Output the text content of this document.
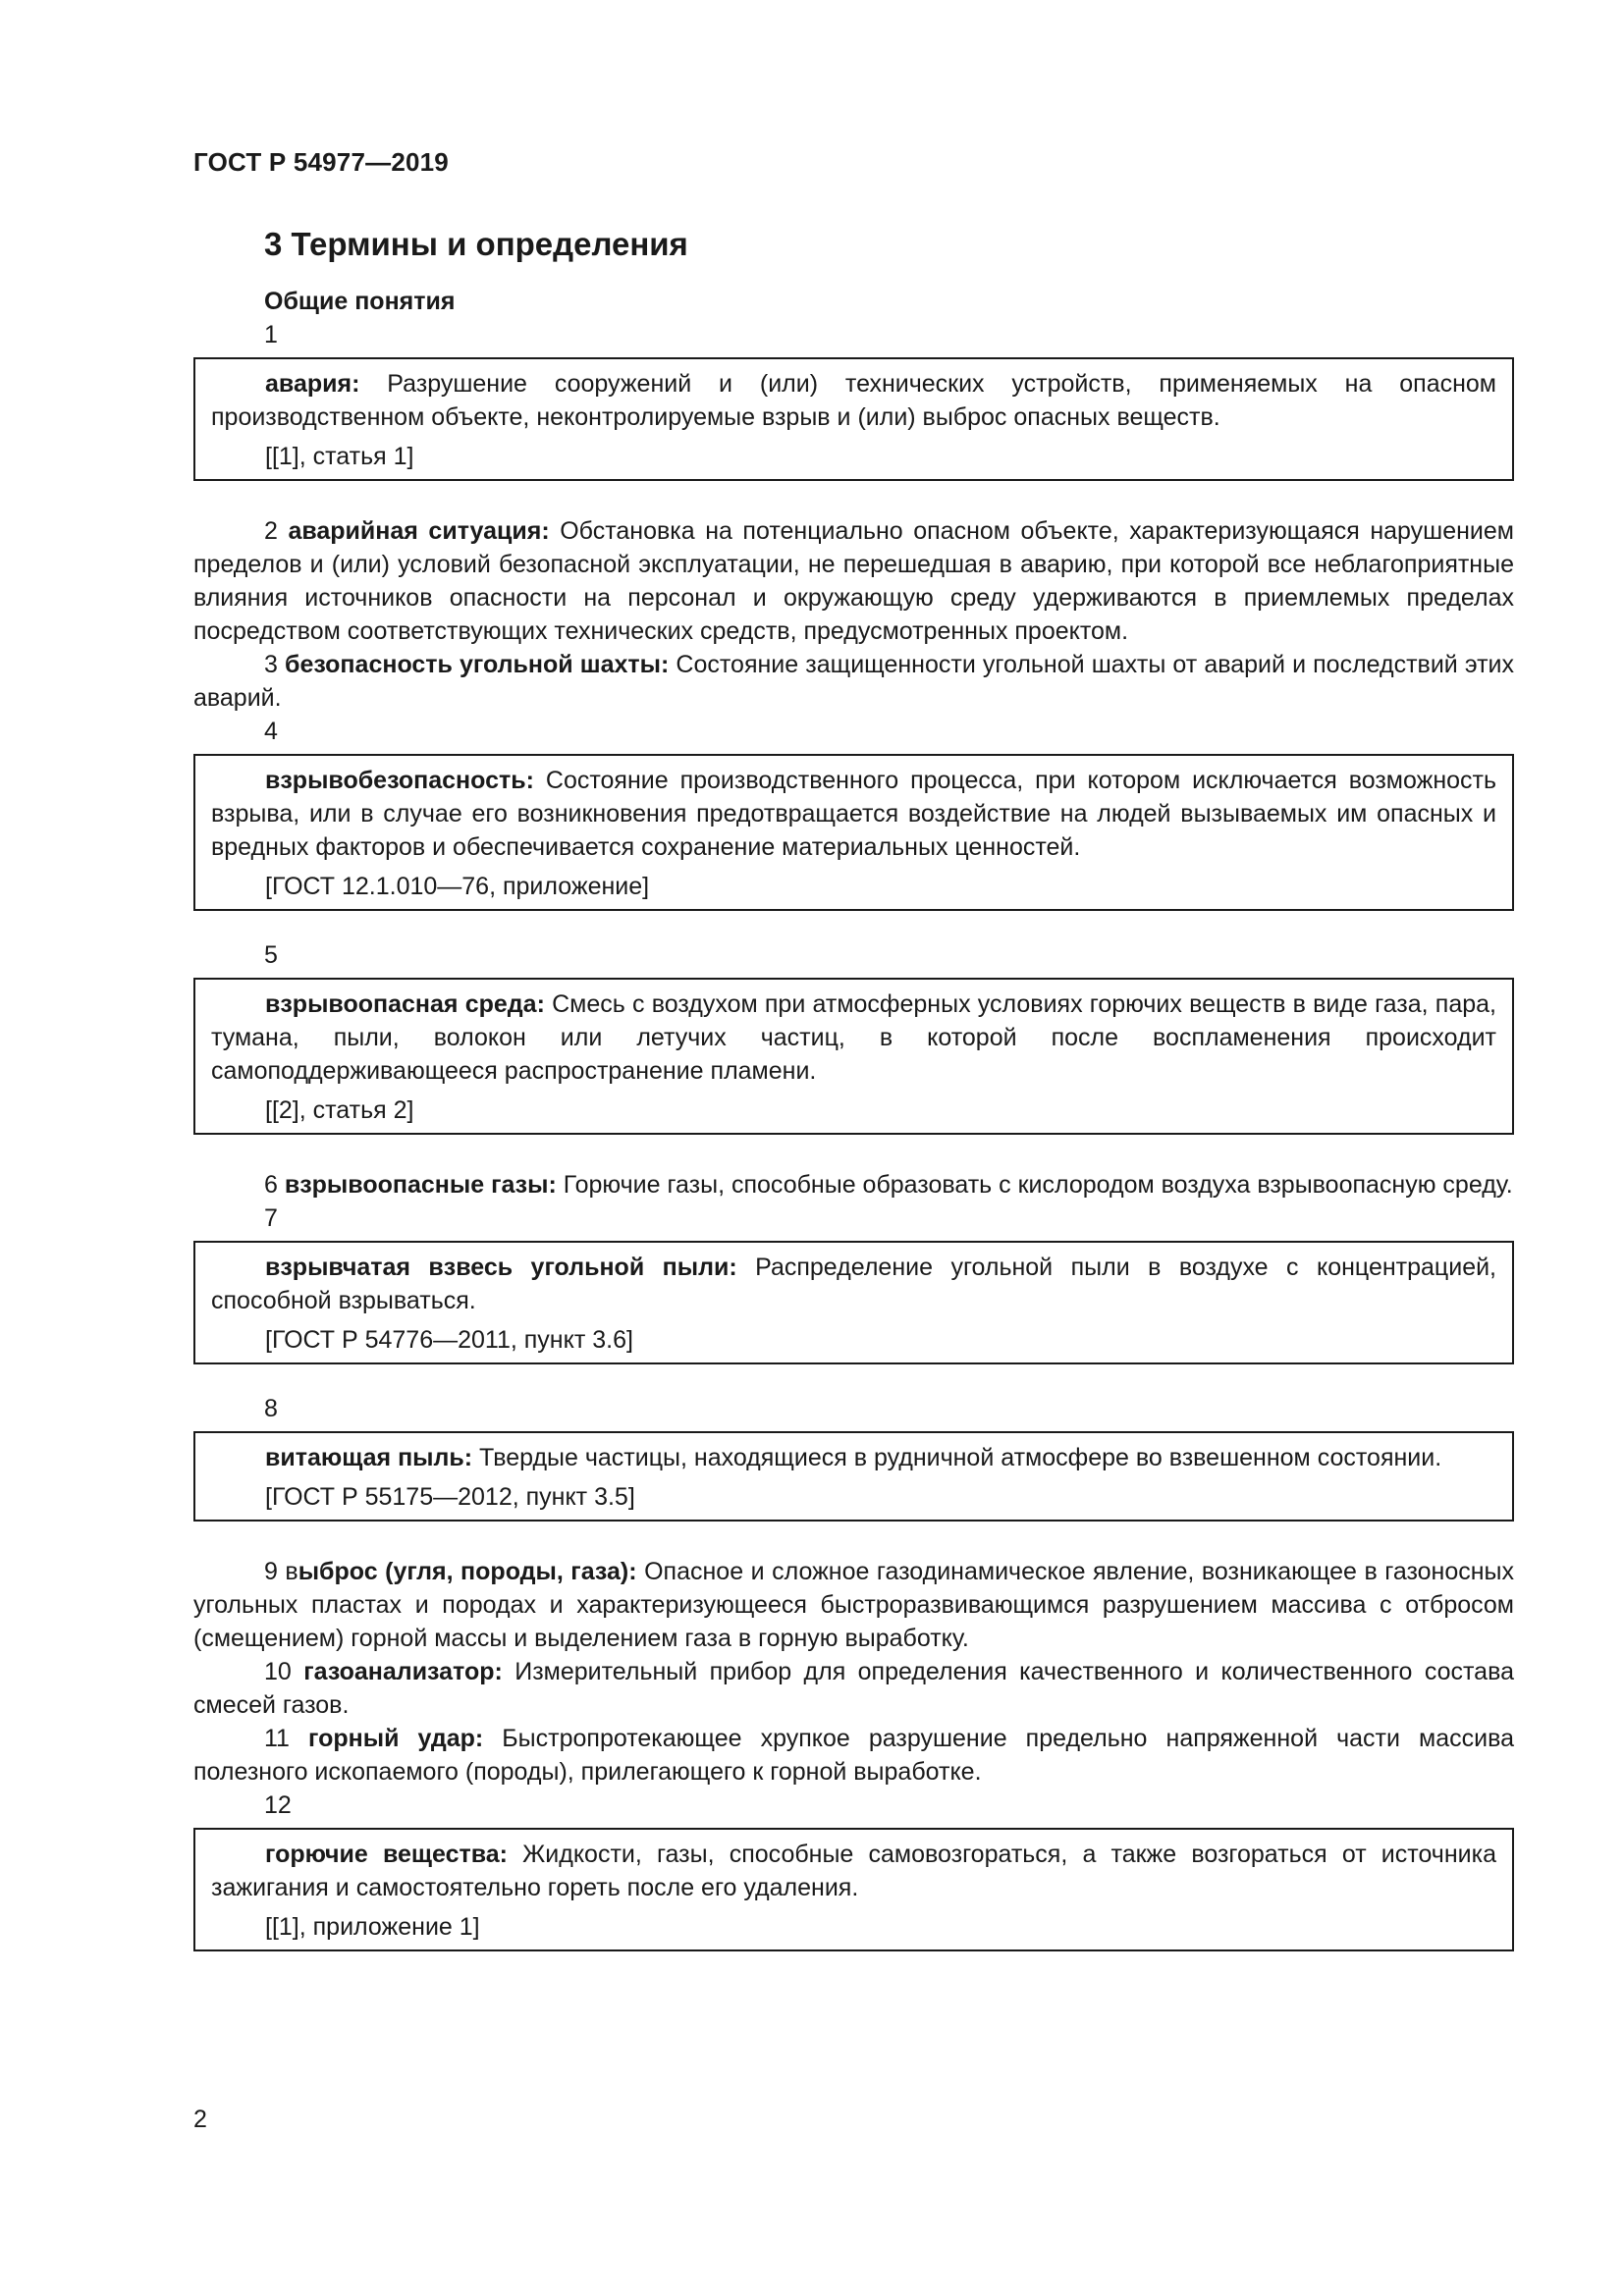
ГОСТ Р 54977—2019
3 Термины и определения

Общие понятия

1

авария: Разрушение сооружений и (или) технических устройств, применяемых на опасном производственном объекте, неконтролируемые взрыв и (или) выброс опасных веществ.

[[1], статья 1]

2 аварийная ситуация: Обстановка на потенциально опасном объекте, характеризующаяся нарушением пределов и (или) условий безопасной эксплуатации, не перешедшая в аварию, при которой все неблагоприятные влияния источников опасности на персонал и окружающую среду удерживаются в приемлемых пределах посредством соответствующих технических средств, предусмотренных проектом.

3 безопасность угольной шахты: Состояние защищенности угольной шахты от аварий и последствий этих аварий.

4

взрывобезопасность: Состояние производственного процесса, при котором исключается возможность взрыва, или в случае его возникновения предотвращается воздействие на людей вызываемых им опасных и вредных факторов и обеспечивается сохранение материальных ценностей.

[ГОСТ 12.1.010—76, приложение]

5

взрывоопасная среда: Смесь с воздухом при атмосферных условиях горючих веществ в виде газа, пара, тумана, пыли, волокон или летучих частиц, в которой после воспламенения происходит самоподдерживающееся распространение пламени.

[[2], статья 2]

6 взрывоопасные газы: Горючие газы, способные образовать с кислородом воздуха взрывоопасную среду.

7

взрывчатая взвесь угольной пыли: Распределение угольной пыли в воздухе с концентрацией, способной взрываться.

[ГОСТ Р 54776—2011, пункт 3.6]

8

витающая пыль: Твердые частицы, находящиеся в рудничной атмосфере во взвешенном состоянии.

[ГОСТ Р 55175—2012, пункт 3.5]

9 выброс (угля, породы, газа): Опасное и сложное газодинамическое явление, возникающее в газоносных угольных пластах и породах и характеризующееся быстроразвивающимся разрушением массива с отбросом (смещением) горной массы и выделением газа в горную выработку.

10 газоанализатор: Измерительный прибор для определения качественного и количественного состава смесей газов.

11 горный удар: Быстропротекающее хрупкое разрушение предельно напряженной части массива полезного ископаемого (породы), прилегающего к горной выработке.

12

горючие вещества: Жидкости, газы, способные самовозгораться, а также возгораться от источника зажигания и самостоятельно гореть после его удаления.

[[1], приложение 1]

2
